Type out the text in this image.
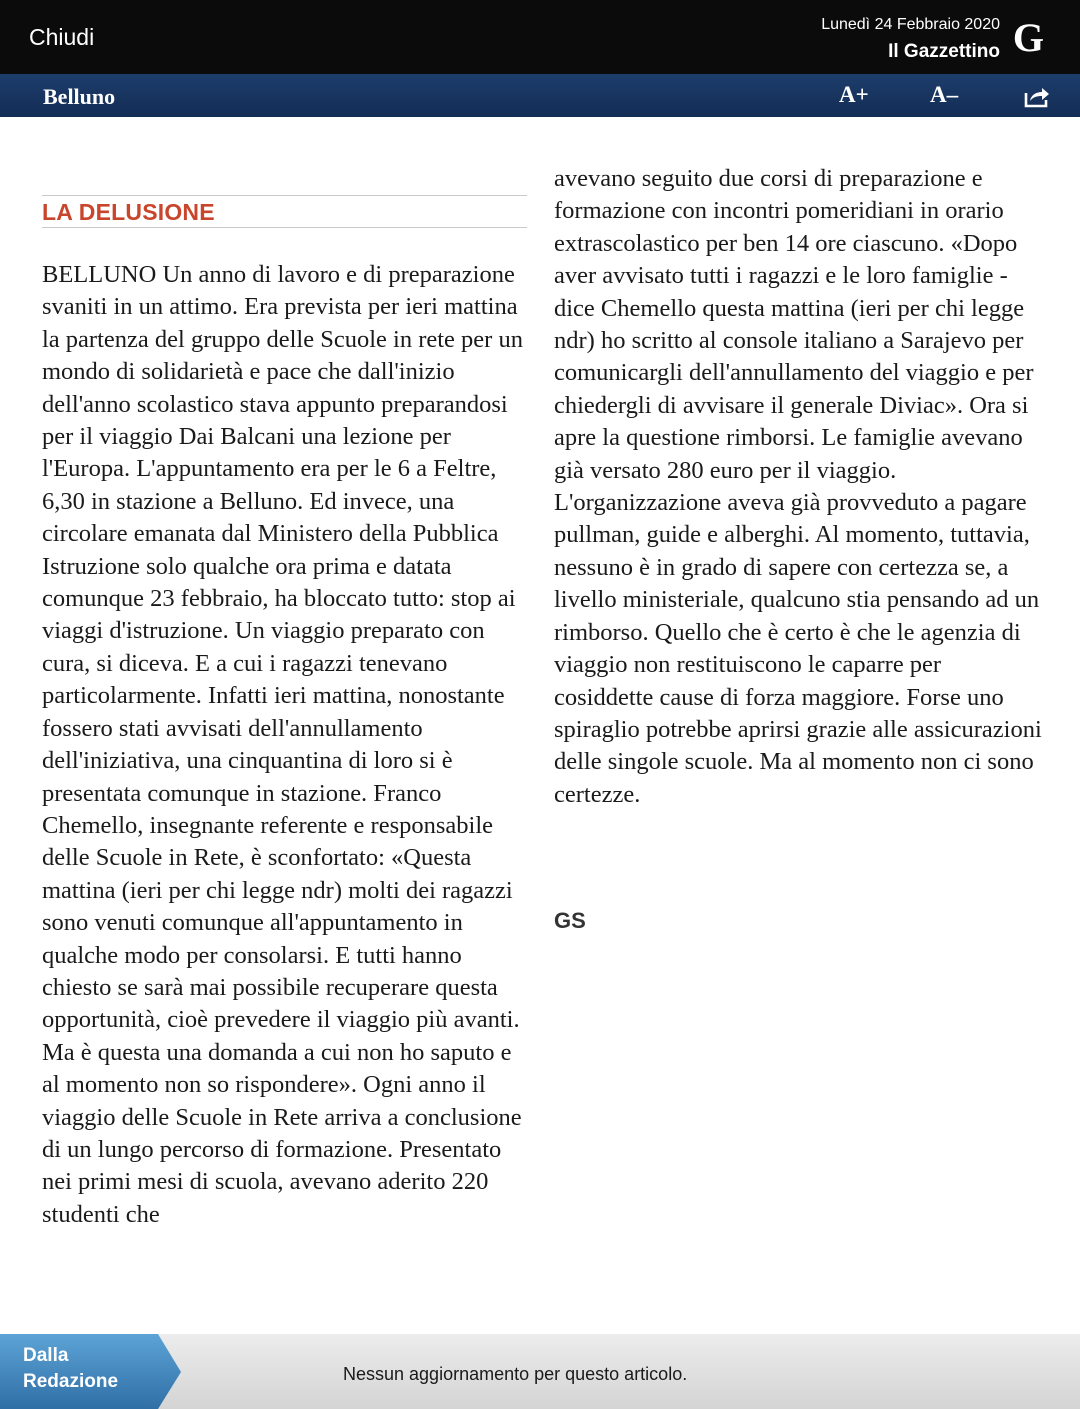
Chiudi	Lunedì 24 Febbraio 2020
Il Gazzettino G
Belluno	A+	A–
LA DELUSIONE

BELLUNO Un anno di lavoro e di preparazione svaniti in un attimo. Era prevista per ieri mattina la partenza del gruppo delle Scuole in rete per un mondo di solidarietà e pace che dall'inizio dell'anno scolastico stava appunto preparandosi per il viaggio Dai Balcani una lezione per l'Europa. L'appuntamento era per le 6 a Feltre, 6,30 in stazione a Belluno. Ed invece, una circolare emanata dal Ministero della Pubblica Istruzione solo qualche ora prima e datata comunque 23 febbraio, ha bloccato tutto: stop ai viaggi d'istruzione. Un viaggio preparato con cura, si diceva. E a cui i ragazzi tenevano particolarmente. Infatti ieri mattina, nonostante fossero stati avvisati dell'annullamento dell'iniziativa, una cinquantina di loro si è presentata comunque in stazione. Franco Chemello, insegnante referente e responsabile delle Scuole in Rete, è sconfortato: «Questa mattina (ieri per chi legge ndr) molti dei ragazzi sono venuti comunque all'appuntamento in qualche modo per consolarsi. E tutti hanno chiesto se sarà mai possibile recuperare questa opportunità, cioè prevedere il viaggio più avanti. Ma è questa una domanda a cui non ho saputo e al momento non so rispondere». Ogni anno il viaggio delle Scuole in Rete arriva a conclusione di un lungo percorso di formazione. Presentato nei primi mesi di scuola, avevano aderito 220 studenti che

avevano seguito due corsi di preparazione e formazione con incontri pomeridiani in orario extrascolastico per ben 14 ore ciascuno. «Dopo aver avvisato tutti i ragazzi e le loro famiglie - dice Chemello questa mattina (ieri per chi legge ndr) ho scritto al console italiano a Sarajevo per comunicargli dell'annullamento del viaggio e per chiedergli di avvisare il generale Diviac». Ora si apre la questione rimborsi. Le famiglie avevano già versato 280 euro per il viaggio. L'organizzazione aveva già provveduto a pagare pullman, guide e alberghi. Al momento, tuttavia, nessuno è in grado di sapere con certezza se, a livello ministeriale, qualcuno stia pensando ad un rimborso. Quello che è certo è che le agenzia di viaggio non restituiscono le caparre per cosiddette cause di forza maggiore. Forse uno spiraglio potrebbe aprirsi grazie alle assicurazioni delle singole scuole. Ma al momento non ci sono certezze.

GS
Dalla
Redazione	Nessun aggiornamento per questo articolo.
